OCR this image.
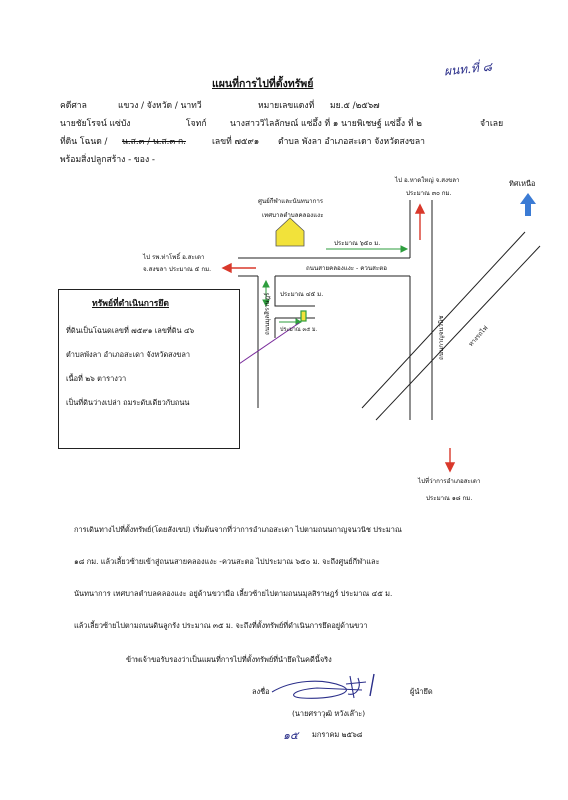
ผนท.ที่ ๘
แผนที่การไปที่ตั้งทรัพย์
คดีศาล	แขวง / จังหวัด / นาทวี	หมายเลขแดงที่ มย.๕ /๒๕๖๗
นายชัยโรจน์ แซ่บัง	โจทก์	นางสาววิไลลักษณ์ แซ่อึ้ง ที่ ๑ นายพิเชษฐ์ แซ่อึ้ง ที่ ๒	จำเลย
ที่ดิน โฉนด / น.ส.๓ / น.ส.๓ ก.	เลขที่ ๗๕๙๑ ตำบล พังลา อำเภอสะเดา จังหวัดสงขลา
พร้อมสิ่งปลูกสร้าง - ของ -
ไป อ.หาดใหญ่ จ.สงขลา
ประมาณ ๓๐ กม.
ทิศเหนือ
ศูนย์กีฬาและนันทนาการ
เทศบาลตำบลคลองแงะ
ไป รพ.ท่าโพธิ์ อ.สะเดา
จ.สงขลา ประมาณ ๕ กม.
ประมาณ ๖๕๐ ม.
ถนนสายคลองแงะ - ควนสะตอ
ประมาณ ๔๕ ม.
ประมาณ ๓๕ ม.
ถนนมุลสิราษฎร์
ถนนกาญจนวนิช	ทางรถไฟ
ไปที่ว่าการอำเภอสะเดา
ประมาณ ๑๘ กม.
ทรัพย์ที่ดำเนินการยึด
ที่ดินเป็นโฉนดเลขที่ ๗๕๙๑ เลขที่ดิน ๔๖
ตำบลพังลา อำเภอสะเดา จังหวัดสงขลา
เนื้อที่ ๒๖ ตารางวา
เป็นที่ดินว่างเปล่า ถมระดับเดียวกับถนน
การเดินทางไปที่ตั้งทรัพย์(โดยสังเขป) เริ่มต้นจากที่ว่าการอำเภอสะเดา ไปตามถนนกาญจนวนิช ประมาณ
๑๘ กม. แล้วเลี้ยวซ้ายเข้าสู่ถนนสายคลองแงะ -ควนสะตอ ไปประมาณ ๖๕๐ ม. จะถึงศูนย์กีฬาและ
นันทนาการ เทศบาลตำบลคลองแงะ อยู่ด้านขวามือ เลี้ยวซ้ายไปตามถนนมุลสิราษฎร์ ประมาณ ๔๕ ม.
แล้วเลี้ยวซ้ายไปตามถนนดินลูกรัง ประมาณ ๓๕ ม. จะถึงที่ตั้งทรัพย์ที่ดำเนินการยึดอยู่ด้านขวา
ข้าพเจ้าขอรับรองว่าเป็นแผนที่การไปที่ตั้งทรัพย์ที่นำยึดในคดีนี้จริง
ลงชื่อ	ผู้นำยึด
(นายศราวุฒิ หวังเล๊าะ)
๑๕ มกราคม ๒๕๖๘
